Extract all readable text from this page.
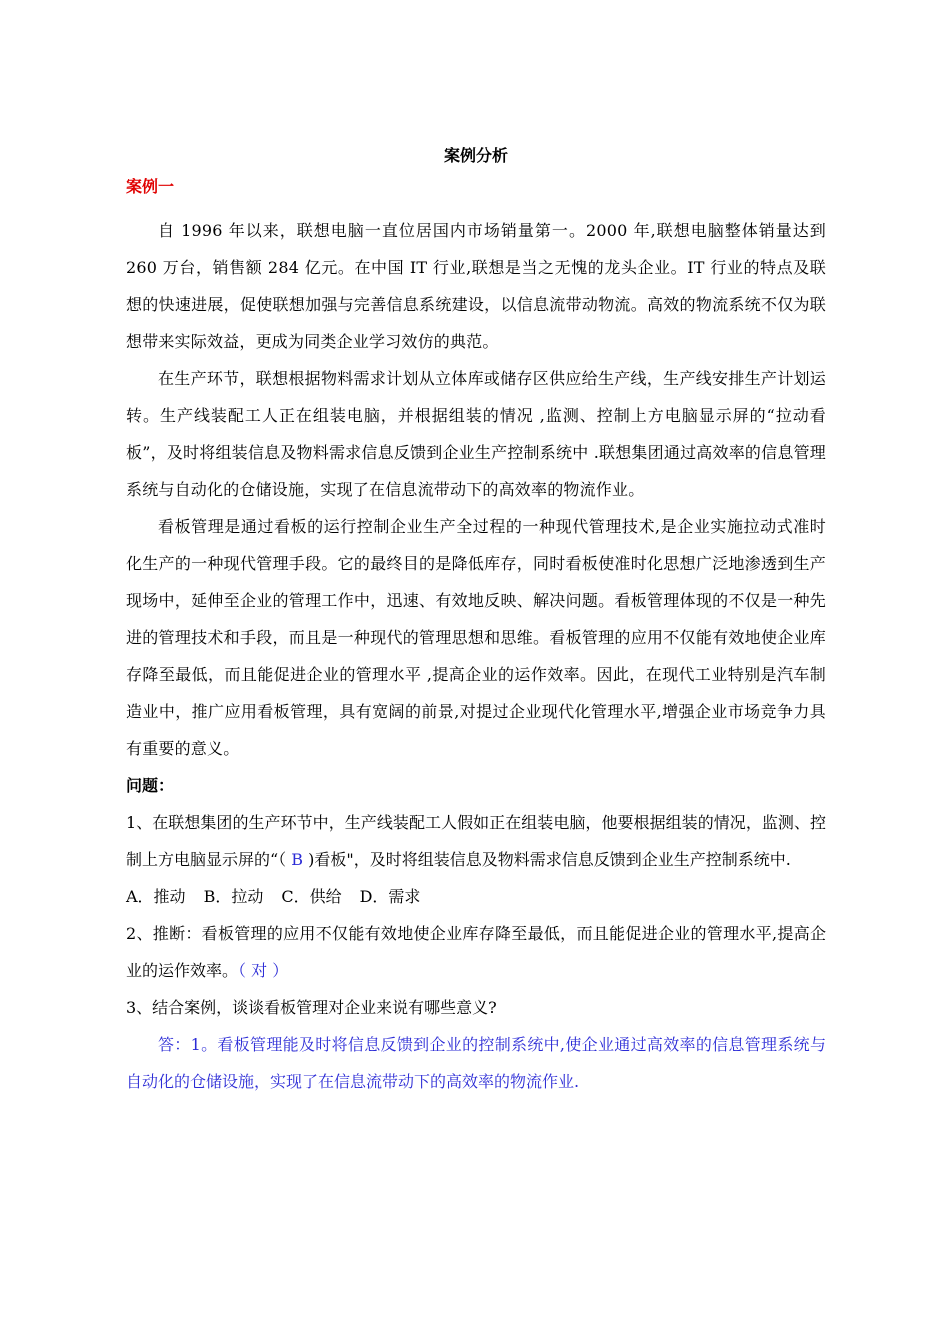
案例分析
案例一

自 1996 年以来，联想电脑一直位居国内市场销量第一。2000 年,联想电脑整体销量达到 260 万台，销售额 284 亿元。在中国 IT 行业,联想是当之无愧的龙头企业。IT 行业的特点及联想的快速进展，促使联想加强与完善信息系统建设，以信息流带动物流。高效的物流系统不仅为联想带来实际效益，更成为同类企业学习效仿的典范。

在生产环节，联想根据物料需求计划从立体库或储存区供应给生产线，生产线安排生产计划运转。生产线装配工人正在组装电脑，并根据组装的情况 ,监测、控制上方电脑显示屏的“拉动看板”，及时将组装信息及物料需求信息反馈到企业生产控制系统中 .联想集团通过高效率的信息管理系统与自动化的仓储设施，实现了在信息流带动下的高效率的物流作业。

看板管理是通过看板的运行控制企业生产全过程的一种现代管理技术,是企业实施拉动式准时化生产的一种现代管理手段。它的最终目的是降低库存，同时看板使准时化思想广泛地渗透到生产现场中，延伸至企业的管理工作中，迅速、有效地反映、解决问题。看板管理体现的不仅是一种先进的管理技术和手段，而且是一种现代的管理思想和思维。看板管理的应用不仅能有效地使企业库存降至最低，而且能促进企业的管理水平 ,提高企业的运作效率。因此，在现代工业特别是汽车制造业中，推广应用看板管理，具有宽阔的前景,对提过企业现代化管理水平,增强企业市场竞争力具有重要的意义。

问题：

1、在联想集团的生产环节中，生产线装配工人假如正在组装电脑，他要根据组装的情况，监测、控制上方电脑显示屏的“（ B )看板"，及时将组装信息及物料需求信息反馈到企业生产控制系统中.

A．推动 B．拉动 C．供给 D．需求

2、推断：看板管理的应用不仅能有效地使企业库存降至最低，而且能促进企业的管理水平,提高企业的运作效率。（ 对 ）

3、结合案例，谈谈看板管理对企业来说有哪些意义?

答：1。看板管理能及时将信息反馈到企业的控制系统中,使企业通过高效率的信息管理系统与自动化的仓储设施，实现了在信息流带动下的高效率的物流作业.
